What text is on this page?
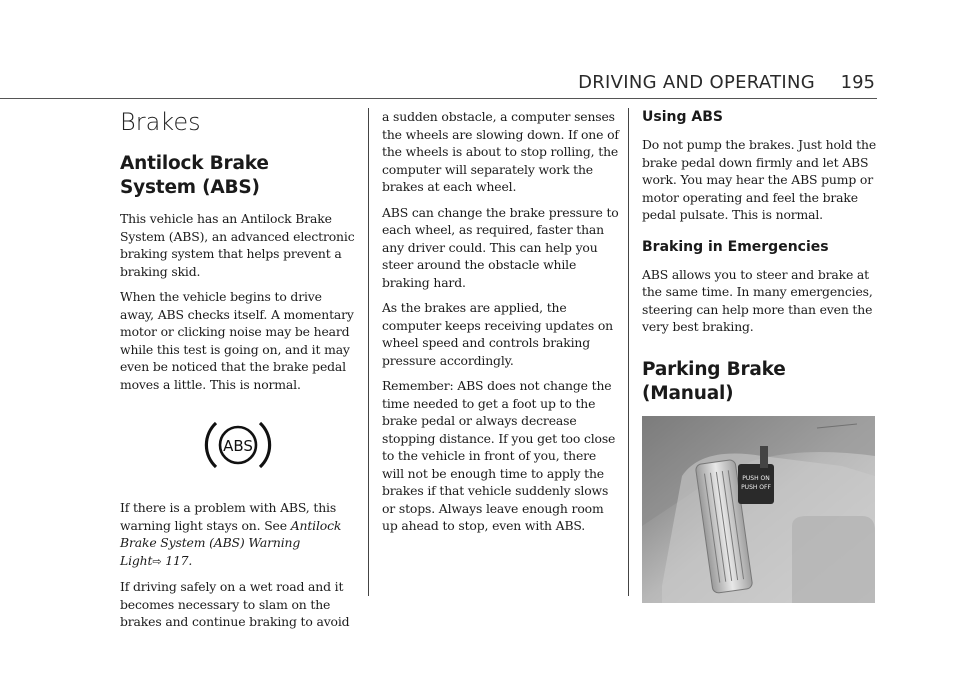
DRIVING AND OPERATING 195
Brakes
Antilock Brake
System (ABS)

This vehicle has an Antilock Brake
System (ABS), an advanced electronic
braking system that helps prevent a
braking skid.

When the vehicle begins to drive
away, ABS checks itself. A momentary
motor or clicking noise may be heard
while this test is going on, and it may
even be noticed that the brake pedal
moves a little. This is normal.

ABS

If there is a problem with ABS, this
warning light stays on. See Antilock
Brake System (ABS) Warning
Light⇨ 117.

If driving safely on a wet road and it
becomes necessary to slam on the
brakes and continue braking to avoid

a sudden obstacle, a computer senses
the wheels are slowing down. If one of
the wheels is about to stop rolling, the
computer will separately work the
brakes at each wheel.

ABS can change the brake pressure to
each wheel, as required, faster than
any driver could. This can help you
steer around the obstacle while
braking hard.

As the brakes are applied, the
computer keeps receiving updates on
wheel speed and controls braking
pressure accordingly.

Remember: ABS does not change the
time needed to get a foot up to the
brake pedal or always decrease
stopping distance. If you get too close
to the vehicle in front of you, there
will not be enough time to apply the
brakes if that vehicle suddenly slows
or stops. Always leave enough room
up ahead to stop, even with ABS.

Using ABS

Do not pump the brakes. Just hold the
brake pedal down firmly and let ABS
work. You may hear the ABS pump or
motor operating and feel the brake
pedal pulsate. This is normal.

Braking in Emergencies

ABS allows you to steer and brake at
the same time. In many emergencies,
steering can help more than even the
very best braking.

Parking Brake (Manual)
PUSH ON
PUSH OFF
